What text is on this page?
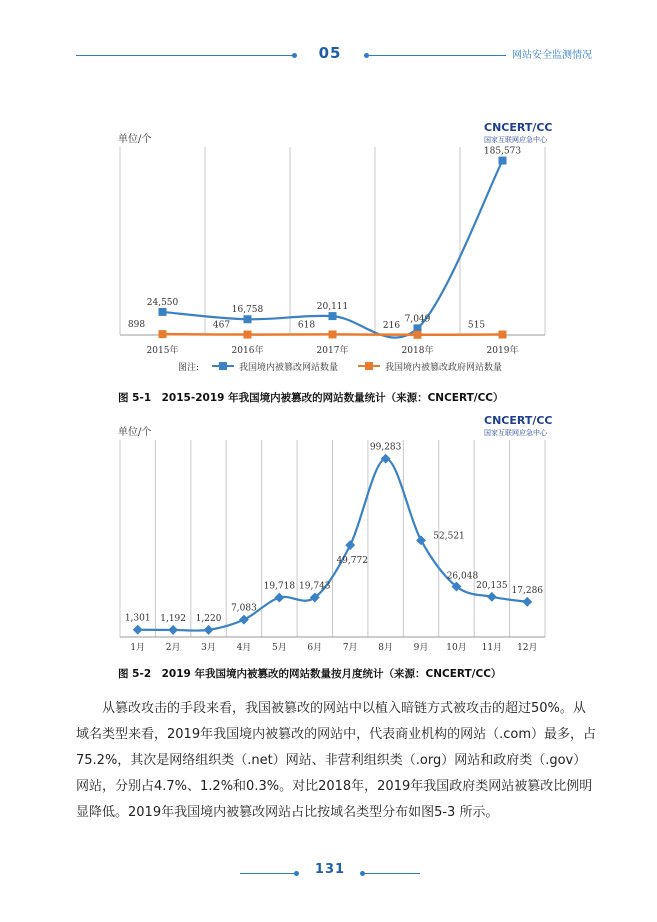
05	网站安全监测情况
单位/个
CNCERT/CC
国家互联网应急中心
24,550
16,758	20,111
7,049
185,573
898	467	618	216	515
2015年	2016年	2017年	2018年	2019年
图注:	我国境内被篡改网站数量	我国境内被篡改政府网站数量
图 5-1　2015-2019 年我国境内被篡改的网站数量统计（来源：CNCERT/CC）
单位/个
CNCERT/CC
国家互联网应急中心
1,301 1,192 1,220
7,083
19,718 19,743
49,772
99,283
52,521
26,048
20,135 17,286
1月 2月 3月 4月 5月 6月 7月 8月 9月 10月 11月 12月
图 5-2　2019 年我国境内被篡改的网站数量按月度统计（来源：CNCERT/CC）

从篡改攻击的手段来看，我国被篡改的网站中以植入暗链方式被攻击的超过50%。从域名类型来看，2019年我国境内被篡改的网站中，代表商业机构的网站（.com）最多，占75.2%，其次是网络组织类（.net）网站、非营利组织类（.org）网站和政府类（.gov）网站，分别占4.7%、1.2%和0.3%。对比2018年，2019年我国政府类网站被篡改比例明显降低。2019年我国境内被篡改网站占比按域名类型分布如图5-3 所示。

131
